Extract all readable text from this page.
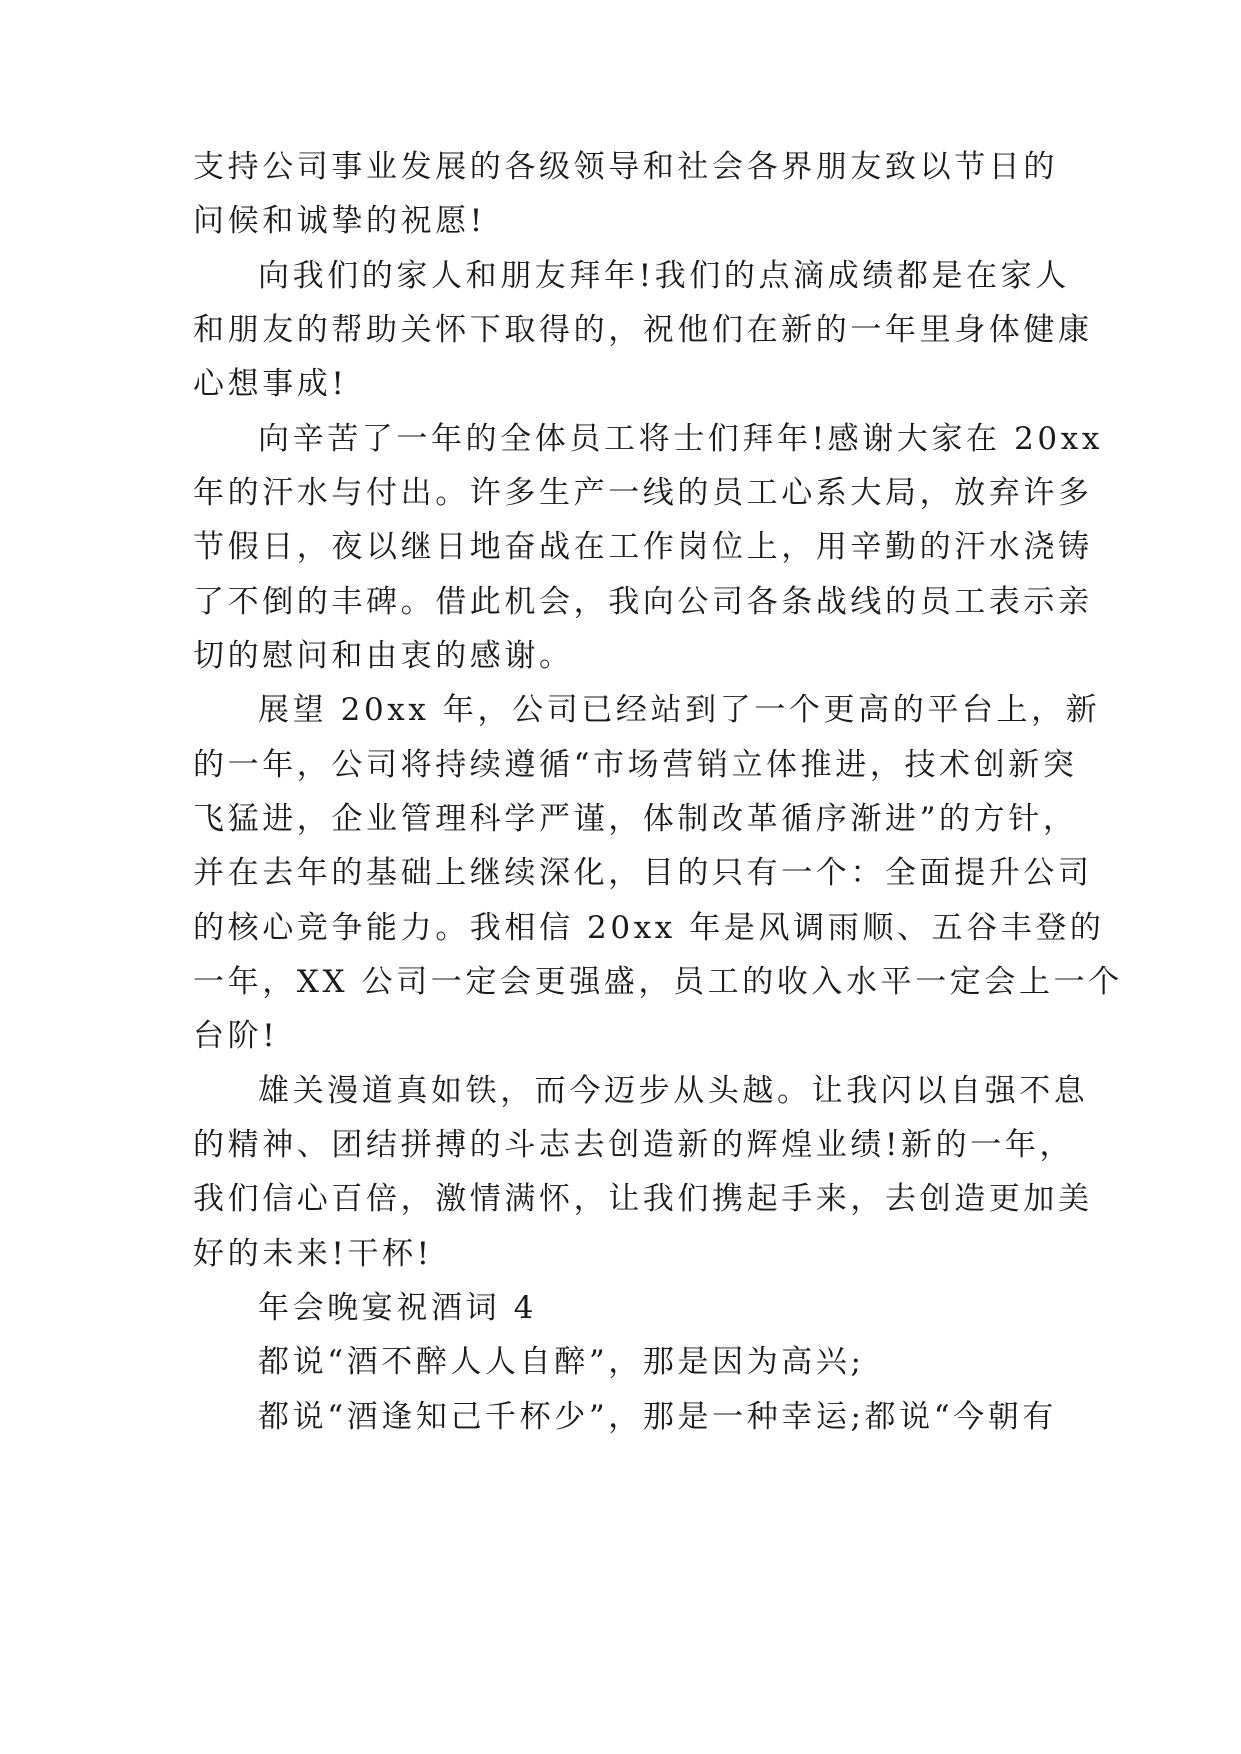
支持公司事业发展的各级领导和社会各界朋友致以节日的
问候和诚挚的祝愿!
向我们的家人和朋友拜年!我们的点滴成绩都是在家人
和朋友的帮助关怀下取得的，祝他们在新的一年里身体健康
心想事成!
向辛苦了一年的全体员工将士们拜年!感谢大家在 20xx
年的汗水与付出。许多生产一线的员工心系大局，放弃许多
节假日，夜以继日地奋战在工作岗位上，用辛勤的汗水浇铸
了不倒的丰碑。借此机会，我向公司各条战线的员工表示亲
切的慰问和由衷的感谢。
展望 20xx 年，公司已经站到了一个更高的平台上，新
的一年，公司将持续遵循“市场营销立体推进，技术创新突
飞猛进，企业管理科学严谨，体制改革循序渐进”的方针，
并在去年的基础上继续深化，目的只有一个：全面提升公司
的核心竞争能力。我相信 20xx 年是风调雨顺、五谷丰登的
一年，XX 公司一定会更强盛，员工的收入水平一定会上一个
台阶!
雄关漫道真如铁，而今迈步从头越。让我闪以自强不息
的精神、团结拼搏的斗志去创造新的辉煌业绩!新的一年，
我们信心百倍，激情满怀，让我们携起手来，去创造更加美
好的未来!干杯!
年会晚宴祝酒词 4
都说“酒不醉人人自醉”，那是因为高兴;
都说“酒逢知己千杯少”，那是一种幸运;都说“今朝有
